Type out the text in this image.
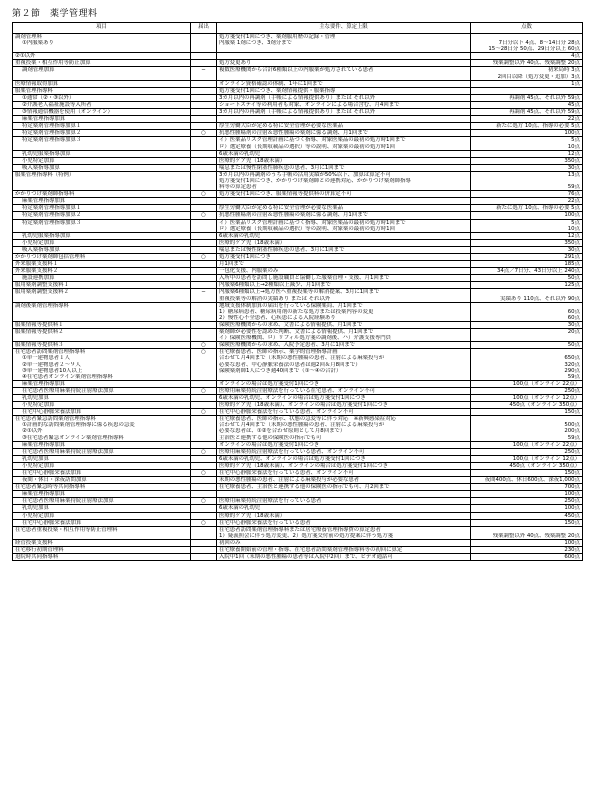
第２節　薬学管理料
項目	届出	主な要件、算定上限	点数

調剤管理料
①内服薬あり		処方箋受付1回につき、薬剤服用歴の記録・管理
内服薬 1剤につき、3剤分まで	7日分以下 4点、8〜14日分 28点
15〜28日分 50点、29日分以上 60点

②①以外			4点

重複投薬・相互作用等防止加算		処方変更あり	残薬調整以外 40点、残薬調整 20点

調剤管理加算	−	複数医療機関から合計6種類以上の内服薬が処方されている患者	初来局時 3点
2回目以降（処方変更・追加）3点

医療情報取得加算		オンライン資格確認の体制、1年に1回まで	1点

服薬管理指導料		処方箋受付1回につき、薬剤情報提供・服薬指導	

①通常（②・③以外）		3カ月以内の再調剤（手帳による情報提供あり）または それ以外	再調剤 45点、それ以外 59点

②介護老人福祉施設等入所者		ショートステイ等の利用者も対象、オンラインによる場合含む、月4回まで	45点

③情報通信機器を使用（オンライン）		3カ月以内の再調剤（手帳による情報提供あり）または それ以外	再調剤 45点、それ以外 59点

麻薬管理指導加算			22点

特定薬剤管理指導加算１		厚生労働大臣が定める特に安全管理が必要な医薬品	新たに処方 10点、指導の必要 5点

特定薬剤管理指導加算２	○	抗悪性腫瘍剤の注射＆悪性腫瘍の薬剤に係る調剤、月1回まで	100点

特定薬剤管理指導加算３		イ）医薬品リスク管理計画に基づく指導、対象医薬品の最初の処方時1回まで
ロ）選定療養（長期収載品の選択）等の説明、対象薬の最初の処方時1回	5点
10点

乳幼児服薬指導加算		6歳未満の乳幼児	12点

小児特定加算		医療的ケア児（18歳未満）	350点

吸入薬指導加算		喘息または慢性閉塞性肺疾患の患者、3月に1回まで	30点

服薬管理指導料（特例）		3カ月以内の再調剤のうち手帳の活用実績が50%以下、加算は算定不可
処方箋受付1回につき、かかりつけ薬剤師との連携対応、かかりつけ薬剤師指導
料等の算定患者	13点
59点

かかりつけ薬剤師指導料	○	処方箋受付1回につき、服薬情報等提供料の併算定不可	76点

麻薬管理指導加算			22点

特定薬剤管理指導加算１		厚生労働大臣が定める特に安全管理が必要な医薬品	新たに処方 10点、指導の必要 5点

特定薬剤管理指導加算２	○	抗悪性腫瘍剤の注射＆悪性腫瘍の薬剤に係る調剤、月1回まで	100点

特定薬剤管理指導加算３		イ）医薬品リスク管理計画に基づく指導、対象医薬品の最初の処方時1回まで
ロ）選定療養（長期収載品の選択）等の説明、対象薬の最初の処方時1回	5点
10点

乳幼児服薬指導加算		6歳未満の乳幼児	12点

小児特定加算		医療的ケア児（18歳未満）	350点

吸入薬指導加算		喘息または慢性閉塞性肺疾患の患者、3月に1回まで	30点

かかりつけ薬剤師包括管理料	○	処方箋受付1回につき	291点

外来服薬支援料１		月1回まで	185点

外来服薬支援料２		一包化支援、内服薬のみ	34点／7日分、43日分以上 240点

施設連携加算		入所中の患者を訪問し施設職員と協働した服薬管理・支援、月1回まで	50点

服用薬剤調整支援料１		内服薬6種類以上→2種類以上減少、月1回まで	125点

服用薬剤調整支援料２	−	内服薬6種類以上→処方医へ重複投薬等の解消提案、3月に1回まで
重複投薬等の解消の実績あり または それ以外	実績あり 110点、それ以外 90点

調剤後薬剤管理指導料		地域支援体制加算の届出を行っている保険薬局、月1回まで
1）糖尿病患者、糖尿病用剤の新たな処方または投薬内容の変更
2）慢性心不全患者、心疾患による入院経験あり	60点
60点

服薬情報等提供料１		保険医療機関からの求め、文書による情報提供、月1回まで	30点

服薬情報等提供料２		薬剤師が必要性を認めた判断、文書による情報提供、月1回まで
イ）保険医療機関、ロ）リフィル処方箋の調剤後、ハ）介護支援専門員	20点

服薬情報等提供料３	○	保険医療機関からの求め、入院予定患者、3月に1回まで	50点

在宅患者訪問薬剤管理指導料
①単一建物患者１人
②単一建物患者２〜９人
③単一建物患者10人以上
④在宅患者オンライン薬剤管理指導料	○	在宅療養患者、医師の指示、薬学的管理指導計画
合わせて月4回まで（末期の悪性腫瘍の患者、注射による麻薬投与が
必要な患者、中心静脈栄養法の患者は週2回＆月8回まで）
保険薬剤師1人につき週40回まで（①〜④の合計）	650点
320点
290点
59点

麻薬管理指導加算		オンラインの場合は処方箋受付1回につき	100点（オンライン 22点）

在宅患者医療用麻薬持続注射療法加算	○	医療用麻薬持続注射療法を行っている在宅患者、オンライン不可	250点

乳幼児加算		6歳未満の乳幼児、オンラインの場合は処方箋受付1回につき	100点（オンライン 12点）

小児特定加算		医療的ケア児（18歳未満）、オンラインの場合は処方箋受付1回につき	450点（オンライン 350点）

在宅中心静脈栄養法加算	○	在宅中心静脈栄養法を行っている患者、オンライン不可	150点

在宅患者緊急訪問薬剤管理指導料
①計画的な訪問薬剤管理指導に係る疾患の急変
②①以外
③在宅患者緊急オンライン薬剤管理指導料		在宅療養患者、医師の指示、状態の急変等に伴う対応　※新興感染症対応
合わせて月4回まで（末期の悪性腫瘍の患者、注射による麻薬投与が
必要な患者は、①②を合わせ原則として月8回まで）
主治医と連携する他の保険医の指示でも可	500点
200点
59点

麻薬管理指導加算		オンラインの場合は処方箋受付1回につき	100点（オンライン 22点）

在宅患者医療用麻薬持続注射療法加算	○	医療用麻薬持続注射療法を行っている患者、オンライン不可	250点

乳幼児加算		6歳未満の乳幼児、オンラインの場合は処方箋受付1回につき	100点（オンライン 12点）

小児特定加算		医療的ケア児（18歳未満）、オンラインの場合は処方箋受付1回につき	450点（オンライン 350点）

在宅中心静脈栄養法加算	○	在宅中心静脈栄養法を行っている患者、オンライン不可	150点

夜間・休日・深夜訪問加算		末期の悪性腫瘍の患者、注射による麻薬投与が必要な患者	夜間400点、休日600点、深夜1,000点

在宅患者緊急時等共同指導料		在宅療養患者、主治医と連携する他の保険医の指示でも可、月2回まで	700点

麻薬管理指導加算			100点

在宅患者医療用麻薬持続注射療法加算	○	医療用麻薬持続注射療法を行っている患者	250点

乳幼児加算		6歳未満の乳幼児	100点

小児特定加算		医療的ケア児（18歳未満）	450点

在宅中心静脈栄養法加算	○	在宅中心静脈栄養法を行っている患者	150点

在宅患者重複投薬・相互作用等防止管理料		在宅患者訪問薬剤管理指導料または居宅療養管理指導費の算定患者
1）疑義照会に伴う処方変更、2）処方箋交付前の処方提案に伴う処方箋	残薬調整以外 40点、残薬調整 20点

経管投薬支援料		初回のみ	100点

在宅移行初期管理料		在宅療養開始前の管理・指導、在宅患者訪問薬剤管理指導料等の初回に算定	230点

退院時共同指導料		入院中1回（末期の悪性腫瘍の患者等は入院中2回）まで、ビデオ通話可	600点
